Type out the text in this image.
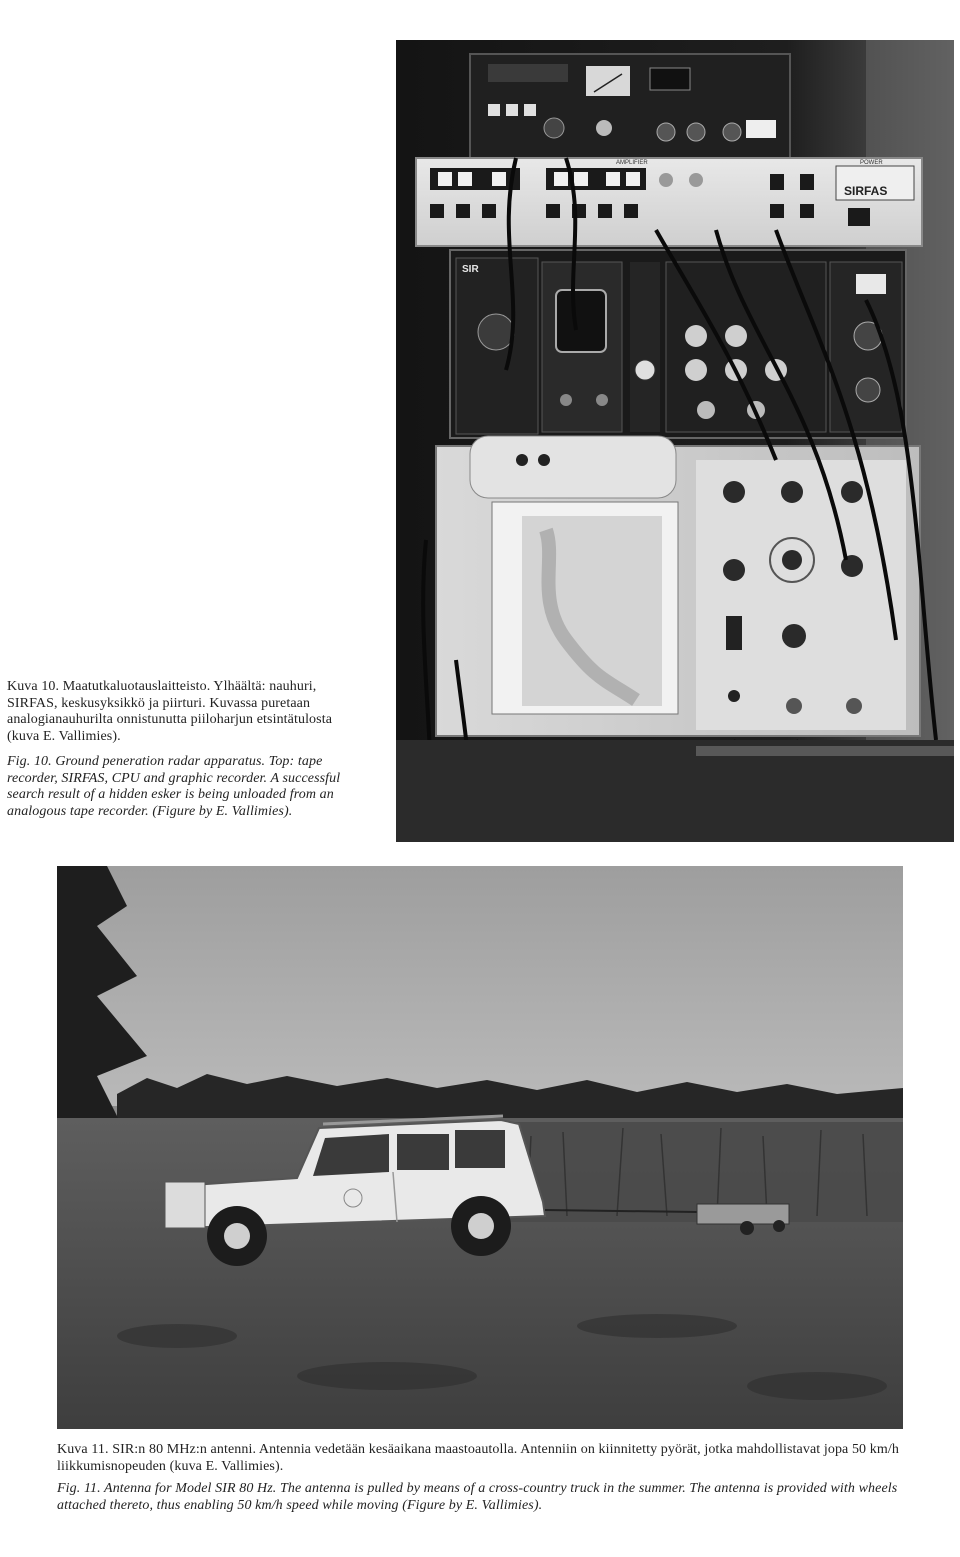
SIRFAS
AMPLIFIER	POWER
SIR

Kuva 10. Maatutkaluotauslaitteisto. Ylhäältä: nauhuri, SIRFAS, keskusyksikkö ja piirturi. Kuvassa puretaan analogianauhurilta onnistunutta piiloharjun etsintätulosta (kuva E. Vallimies).

Fig. 10. Ground peneration radar apparatus. Top: tape recorder, SIRFAS, CPU and graphic recorder. A successful search result of a hidden esker is being unloaded from an analogous tape recorder. (Figure by E. Vallimies).

Kuva 11. SIR:n 80 MHz:n antenni. Antennia vedetään kesäaikana maastoautolla. Antenniin on kiinnitetty pyörät, jotka mahdollistavat jopa 50 km/h liikkumisnopeuden (kuva E. Vallimies).

Fig. 11. Antenna for Model SIR 80 Hz. The antenna is pulled by means of a cross-country truck in the summer. The antenna is provided with wheels attached thereto, thus enabling 50 km/h speed while moving (Figure by E. Vallimies).
